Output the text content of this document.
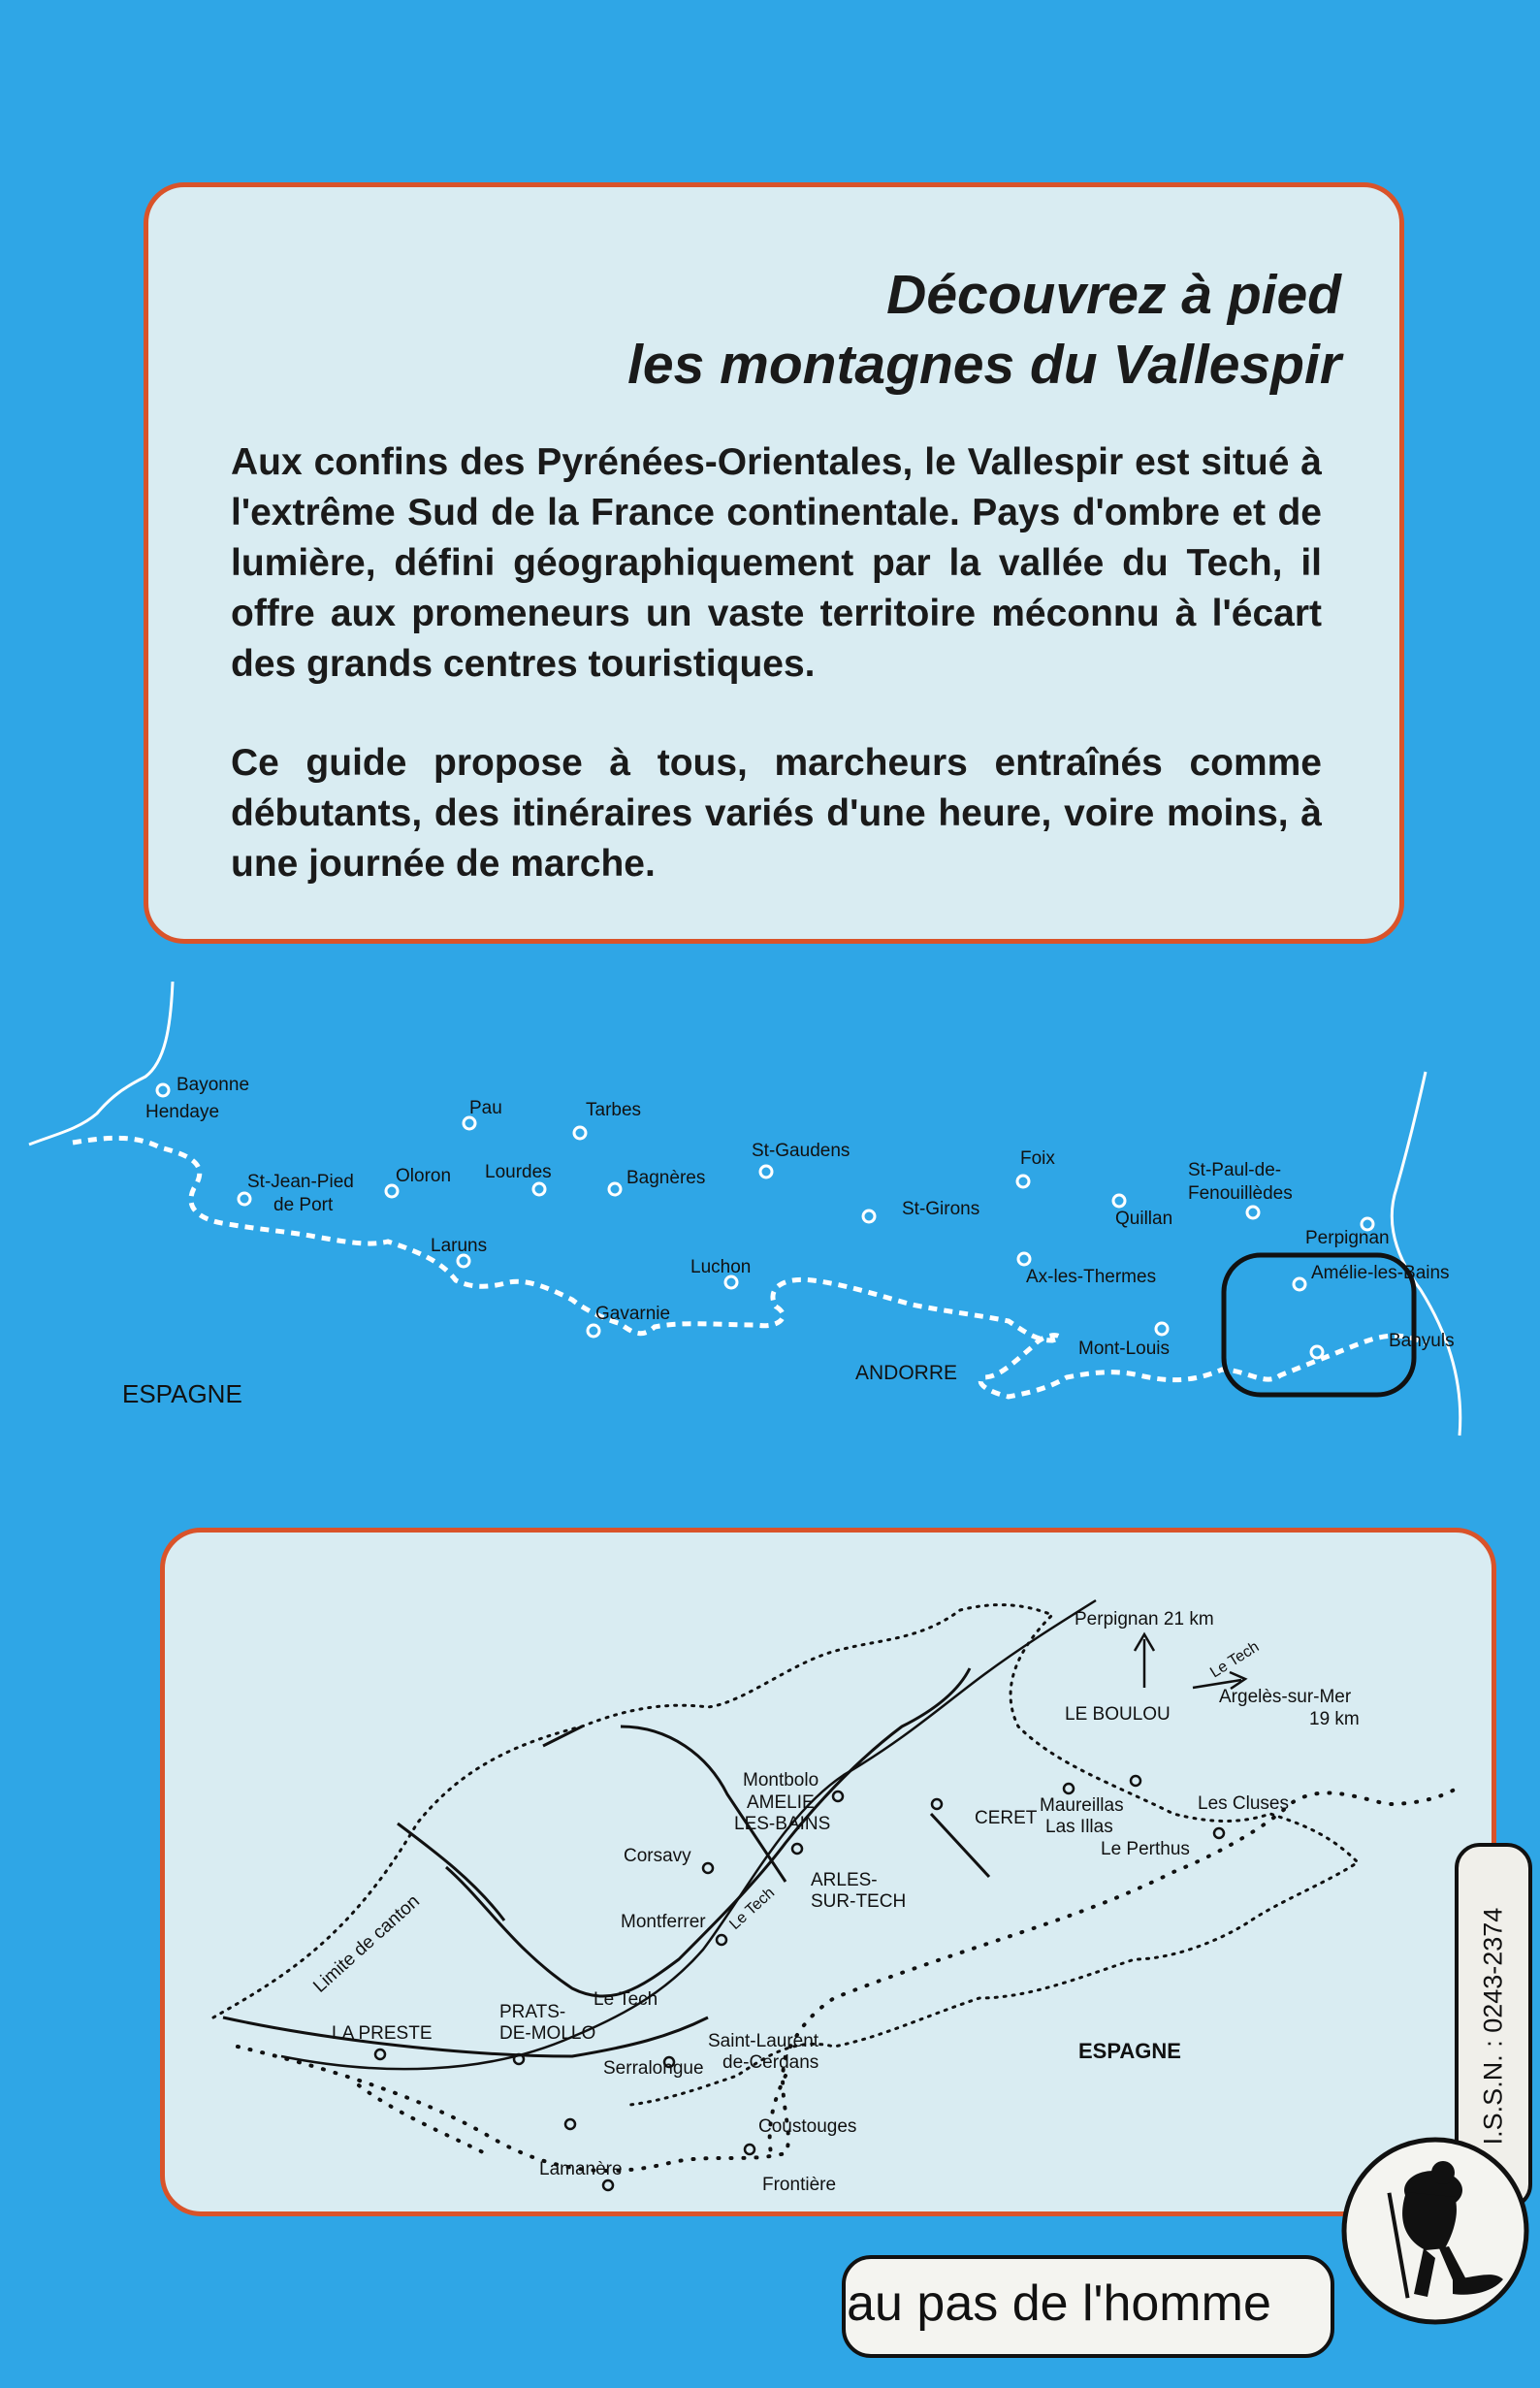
Découvrez à pied
les montagnes du Vallespir

Aux confins des Pyrénées-Orientales, le Vallespir est situé à l'extrême Sud de la France continentale. Pays d'ombre et de lumière, défini géographiquement par la vallée du Tech, il offre aux promeneurs un vaste territoire méconnu à l'écart des grands centres touristiques.

Ce guide propose à tous, marcheurs entraînés comme débutants, des itinéraires variés d'une heure, voire moins, à une journée de marche.

Bayonne
Hendaye	Pau	Tarbes
St-Gaudens	Foix
St-Paul-de-
Fenouillèdes
St-Jean-Pied
de Port
Oloron Lourdes	Bagnères
St-Girons	Quillan
Perpignan
Laruns
Luchon	Ax-les-Thermes	Amélie-les-Bains
Gavarnie
Mont-Louis	Banyuls
ANDORRE
ESPAGNE
Perpignan 21 km
Le Tech
Argelès-sur-Mer
19 km
LE BOULOU
Montbolo
AMELIE
LES-BAINS
Maureillas
Las Illas
Les Cluses
CERET
Le Perthus
Corsavy
Limite de canton
ARLES-
SUR-TECH
Le Tech
Montferrer
Le Tech
PRATS-
DE-MOLLO
LA PRESTE	Saint-Laurent
de-Cerdans
Serralongue
ESPAGNE
Coustouges
Lamanère
Frontière
I.S.S.N. : 0243-2374
au pas de l'homme
